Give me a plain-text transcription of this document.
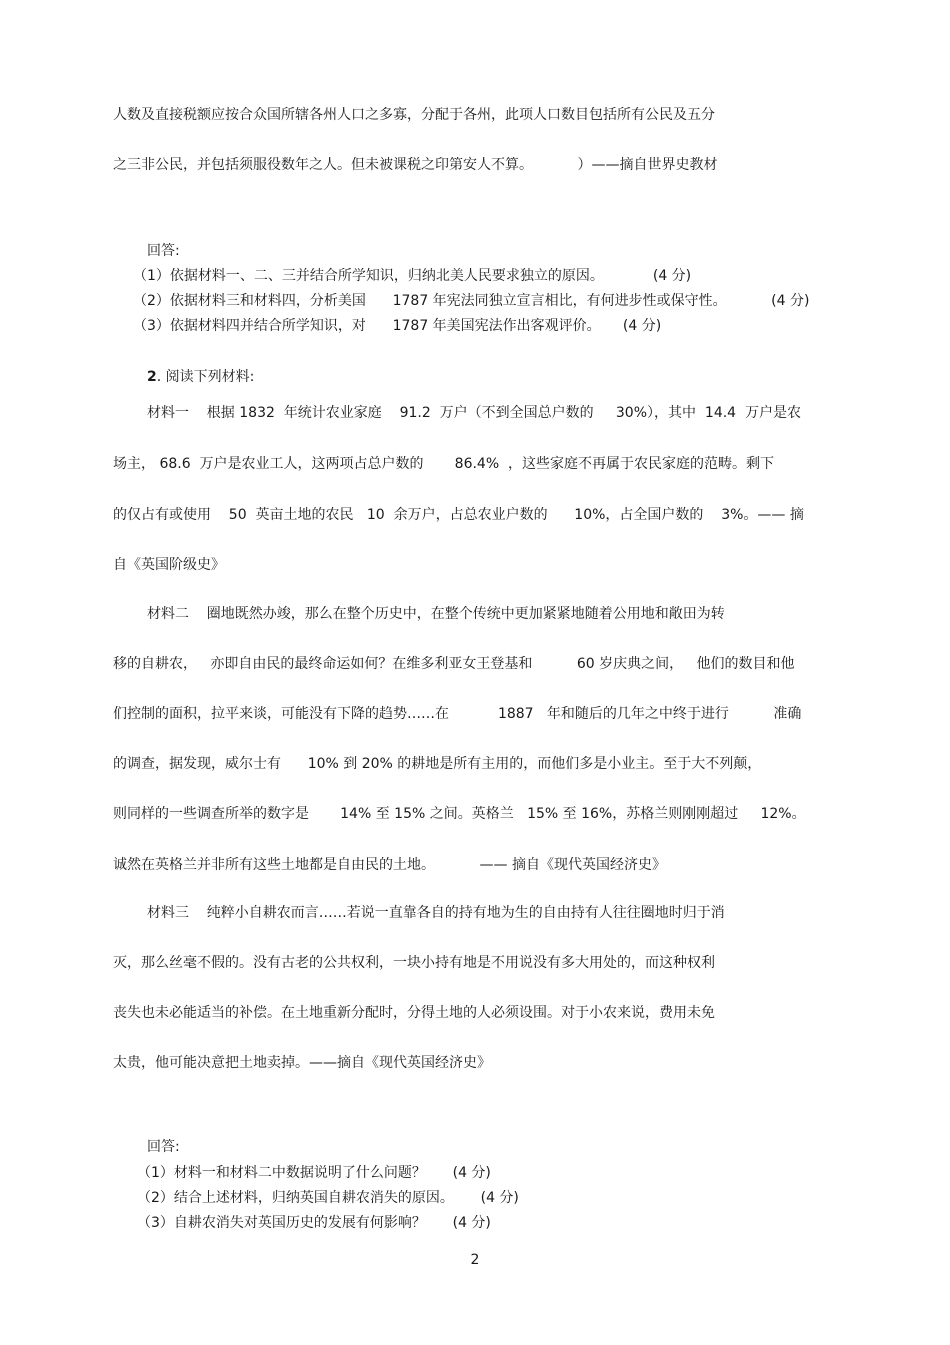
人数及直接税额应按合众国所辖各州人口之多寡，分配于各州，此项人口数目包括所有公民及五分
之三非公民，并包括须服役数年之人。但未被课税之印第安人不算。          ）——摘自世界史教材
回答:
（1）依据材料一、二、三并结合所学知识，归纳北美人民要求独立的原因。           (4 分)
（2）依据材料三和材料四，分析美国      1787 年宪法同独立宣言相比，有何进步性或保守性。          (4 分)
（3）依据材料四并结合所学知识，对      1787 年美国宪法作出客观评价。     (4 分)
2. 阅读下列材料:
材料一    根据 1832  年统计农业家庭    91.2  万户（不到全国总户数的     30%），其中  14.4  万户是农
场主， 68.6  万户是农业工人，这两项占总户数的       86.4%  ，这些家庭不再属于农民家庭的范畴。剩下
的仅占有或使用    50  英亩土地的农民   10  余万户，占总农业户数的      10%，占全国户数的    3%。—— 摘
自《英国阶级史》
材料二    圈地既然办竣，那么在整个历史中，在整个传统中更加紧紧地随着公用地和敞田为转
移的自耕农，   亦即自由民的最终命运如何？在维多利亚女王登基和          60 岁庆典之间，   他们的数目和他
们控制的面积，拉平来谈，可能没有下降的趋势……在           1887   年和随后的几年之中终于进行          准确
的调查，据发现，威尔士有      10% 到 20% 的耕地是所有主用的，而他们多是小业主。至于大不列颠，
则同样的一些调查所举的数字是       14% 至 15% 之间。英格兰   15% 至 16%，苏格兰则刚刚超过     12%。
诚然在英格兰并非所有这些土地都是自由民的土地。          —— 摘自《现代英国经济史》
材料三    纯粹小自耕农而言……若说一直靠各自的持有地为生的自由持有人往往圈地时归于消
灭，那么丝毫不假的。没有古老的公共权利，一块小持有地是不用说没有多大用处的，而这种权利
丧失也未必能适当的补偿。在土地重新分配时，分得土地的人必须设围。对于小农来说，费用未免
太贵，他可能决意把土地卖掉。——摘自《现代英国经济史》
回答:
（1）材料一和材料二中数据说明了什么问题？      (4 分)
（2）结合上述材料，归纳英国自耕农消失的原因。      (4 分)
（3）自耕农消失对英国历史的发展有何影响？      (4 分)
2
